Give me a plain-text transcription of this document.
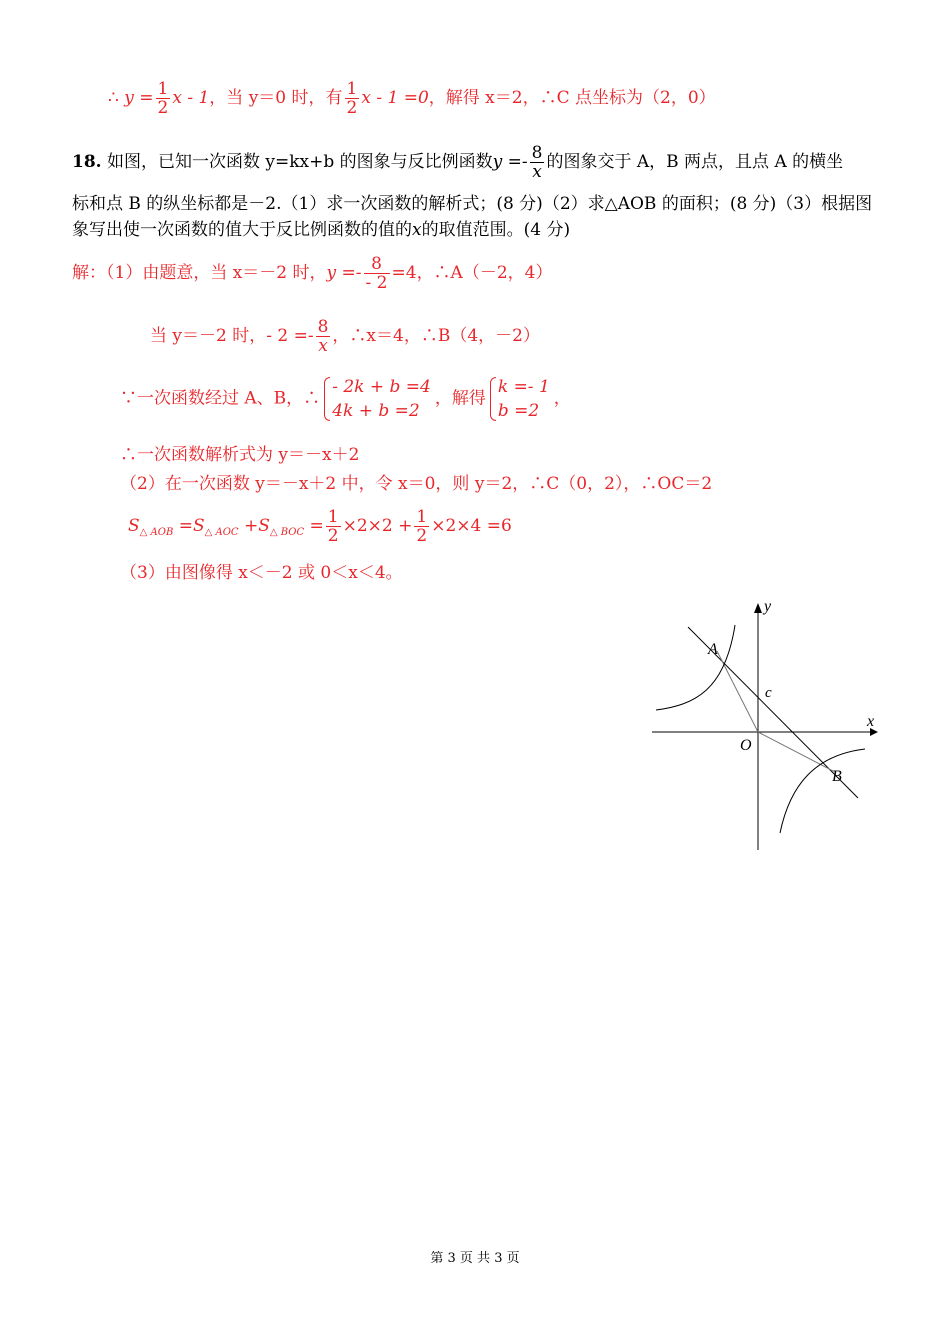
∴ $y = \frac{1}{2}$ x - 1，当 y＝0 时，有 $\frac{1}{2}$ x - 1 =0，解得 x＝2，∴C 点坐标为（2，0）
18. 如图，已知一次函数 y=kx+b 的图象与反比例函数$y =- \frac{8}{x}$ 的图象交于 A，B 两点，且点 A 的横坐
标和点 B 的纵坐标都是－2.（1）求一次函数的解析式；(8 分)（2）求△AOB 的面积；(8 分)（3）根据图
象写出使一次函数的值大于反比例函数的值的x的取值范围。(4 分)
解：（1）由题意，当 x＝－2 时，$y =- \frac{8}{- 2} =4$，∴A（－2，4）
当 y＝－2 时，- $2 =- \frac{8}{x}$ ，∴x＝4，∴B（4，－2）
∵一次函数经过 A、B，∴
- 2k + b =4
4k + b =2
，解得
k =- 1
b =2
，
∴一次函数解析式为 y＝－x＋2
（2）在一次函数 y＝－x＋2 中，令 x＝0，则 y＝2，∴C（0，2），∴OC＝2
$S_{\triangle AOB} =S_{\triangle AOC} +S_{\triangle BOC} = \frac{1}{2} \times 2\times 2 + \frac{1}{2} \times 2\times 4 =6$
（3）由图像得 x＜－2 或 0＜x＜4。
y
x
O
A
B
c
第 3 页 共 3 页
